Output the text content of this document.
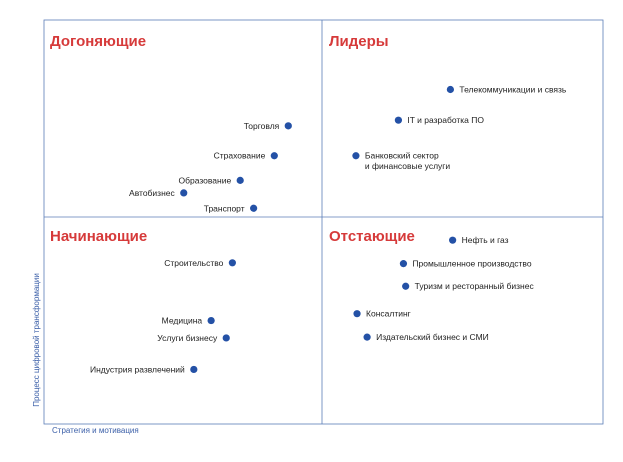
Догоняющие	Лидеры
Начинающие	Отстающие
Телекоммуникации и связь
IT и разработка ПО
Банковский сектор и финансовые услуги
Торговля
Страхование
Образование
Автобизнес
Транспорт
Нефть и газ
Промышленное производство
Туризм и ресторанный бизнес
Консалтинг
Издательский бизнес и СМИ
Строительство
Медицина
Услуги бизнесу
Индустрия развлечений
Стратегия и мотивация
Процесс цифровой трансформации
